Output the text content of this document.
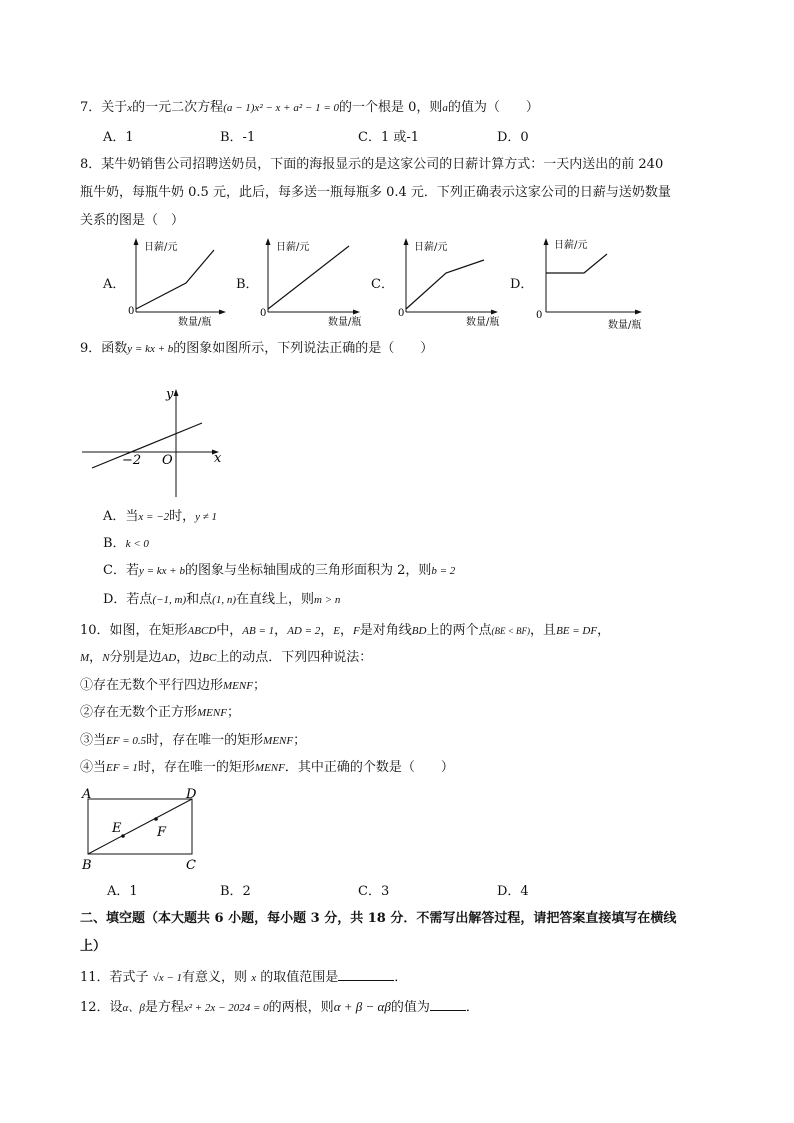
7．关于x的一元二次方程(a − 1)x² − x + a² − 1 = 0的一个根是 0，则a的值为（　　）
A．1	B．-1	C．1 或-1	D．0
8．某牛奶销售公司招聘送奶员，下面的海报显示的是这家公司的日薪计算方式：一天内送出的前 240
瓶牛奶，每瓶牛奶 0.5 元，此后，每多送一瓶每瓶多 0.4 元．下列正确表示这家公司的日薪与送奶数量
关系的图是（　）
A．	B．	C．	D．
日薪/元
数量/瓶
0
日薪/元
数量/瓶
0
日薪/元
数量/瓶
0
日薪/元
数量/瓶
0
9．函数y = kx + b的图象如图所示，下列说法正确的是（　　）
y
x
O
−2
A．当x = −2时，y ≠ 1
B．k < 0
C．若y = kx + b的图象与坐标轴围成的三角形面积为 2，则b = 2
D．若点(−1, m)和点(1, n)在直线上，则m > n
10．如图，在矩形ABCD中，AB = 1，AD = 2，E，F是对角线BD上的两个点(BE < BF)，且BE = DF，
M，N分别是边AD，边BC上的动点．下列四种说法：
①存在无数个平行四边形MENF；
②存在无数个正方形MENF；
③当EF = 0.5时，存在唯一的矩形MENF；
④当EF = 1时，存在唯一的矩形MENF．其中正确的个数是（　　）
A	D
B	C
E	F
A．1	B．2	C．3	D．4
二、填空题（本大题共 6 小题，每小题 3 分，共 18 分．不需写出解答过程，请把答案直接填写在横线
上）
11．若式子 √x − 1有意义，则 x 的取值范围是	．
12．设α、β是方程x² + 2x − 2024 = 0的两根，则α + β − αβ的值为	．
